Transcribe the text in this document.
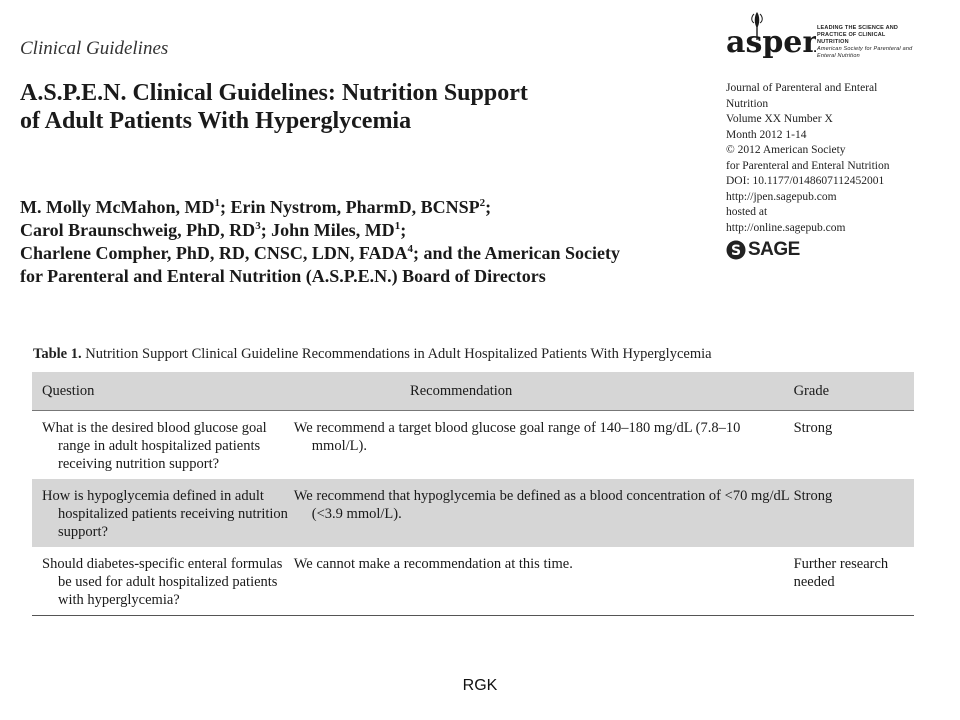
Clinical Guidelines	aspen
LEADING THE SCIENCE AND
PRACTICE OF CLINICAL NUTRITION
American Society for Parenteral and Enteral Nutrition
A.S.P.E.N. Clinical Guidelines: Nutrition Support
of Adult Patients With Hyperglycemia
M. Molly McMahon, $MD^1$; Erin Nystrom, PharmD, BCNSP$^2$;
Carol Braunschweig, PhD, $RD^3$; John Miles, $MD^1$;
Charlene Compher, PhD, RD, CNSC, LDN, FADA$^4$; and the American Society
for Parenteral and Enteral Nutrition (A.S.P.E.N.) Board of Directors
Journal of Parenteral and Enteral
Nutrition
Volume XX Number X
Month 2012 1-14
© 2012 American Society
for Parenteral and Enteral Nutrition
DOI: 10.1177/0148607112452001
http://jpen.sagepub.com
hosted at
http://online.sagepub.com
S SAGE
Table 1. Nutrition Support Clinical Guideline Recommendations in Adult Hospitalized Patients With Hyperglycemia
Question	Recommendation	Grade

What is the desired blood glucose goal range in adult hospitalized patients receiving nutrition support?	We recommend a target blood glucose goal range of 140–180 mg/dL (7.8–10 mmol/L).	Strong

How is hypoglycemia defined in adult hospitalized patients receiving nutrition support?	We recommend that hypoglycemia be defined as a blood concentration of <70 mg/dL (<3.9 mmol/L).	Strong

Should diabetes-specific enteral formulas be used for adult hospitalized patients with hyperglycemia?	We cannot make a recommendation at this time.	Further research needed
RGK
